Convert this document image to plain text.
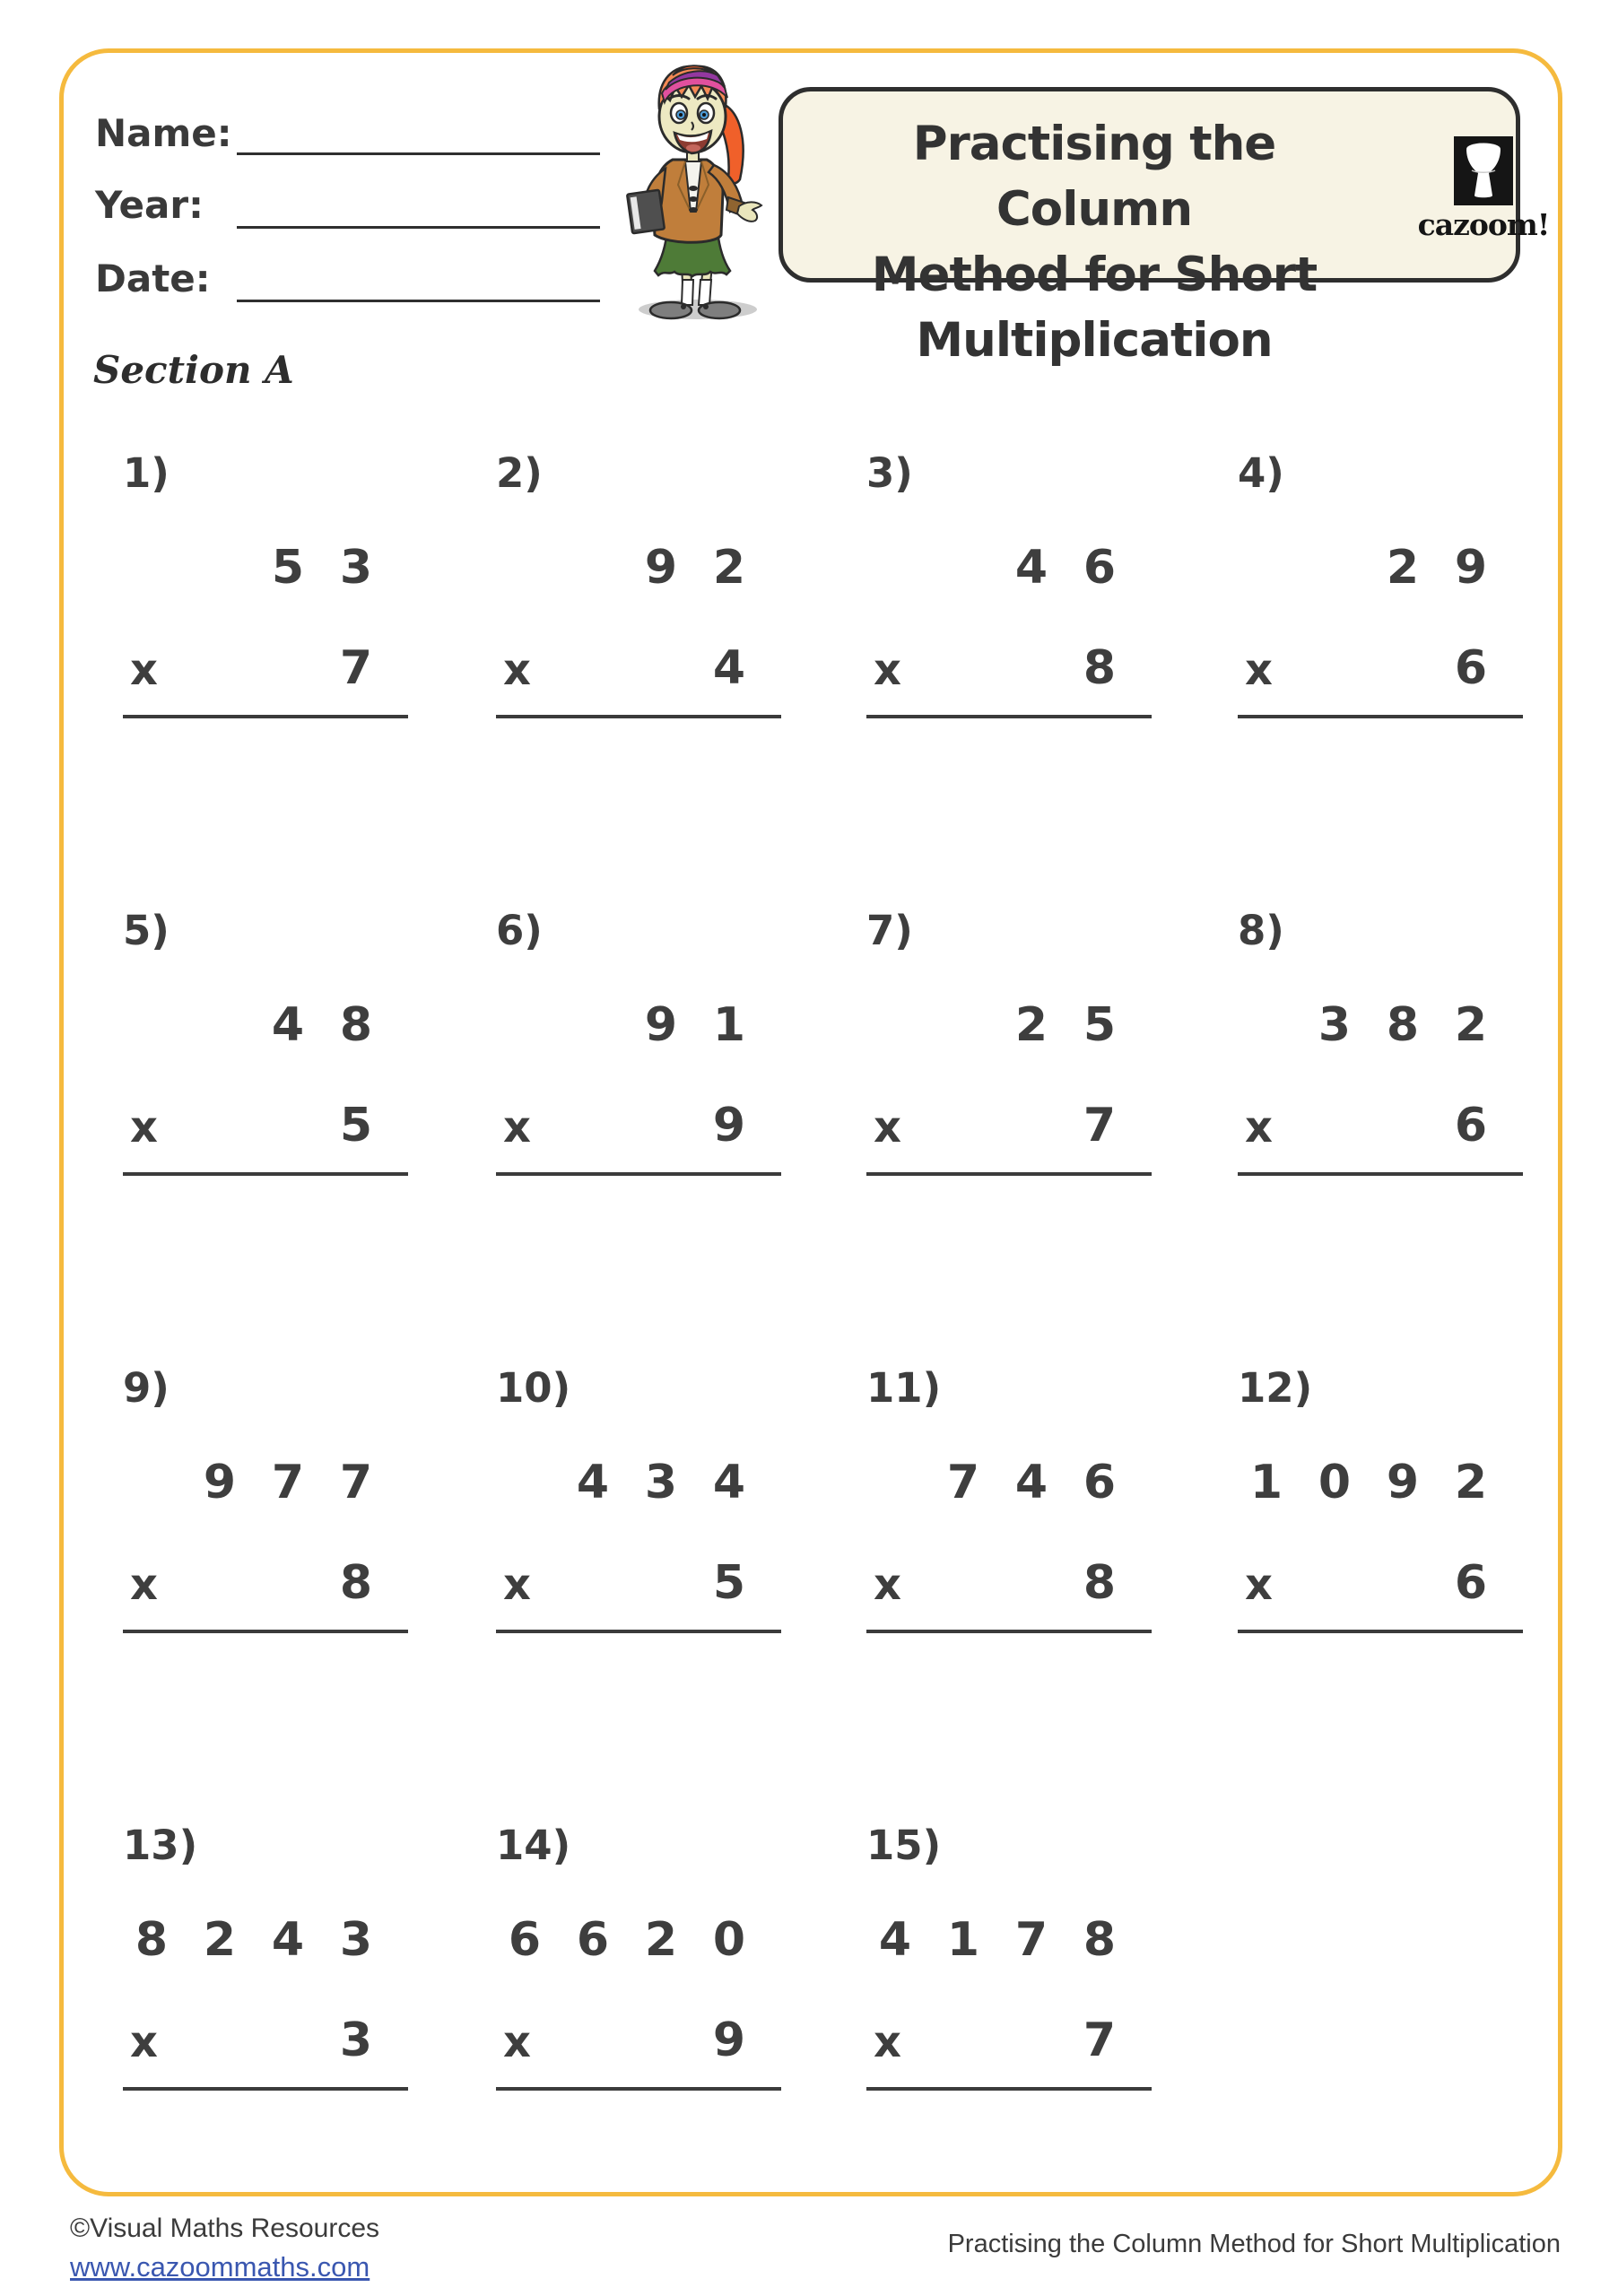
Name:
Year:
Date:
Practising the Column
Method for Short
Multiplication
cazoom!
Section A
1)
5 3
x	7
2)
9 2
x	4
3)
4 6
x	8
4)
2 9
x	6
5)
4 8
x	5
6)
9 1
x	9
7)
2 5
x	7
8)
3 8 2
x	6
9)
9 7 7
x	8
10)
4 3 4
x	5
11)
7 4 6
x	8
12)
1 0 9 2
x	6
13)
8 2 4 3
x	3
14)
6 6 2 0
x	9
15)
4 1 7 8
x	7
©Visual Maths Resources
www.cazoommaths.com
Practising the Column Method for Short Multiplication
